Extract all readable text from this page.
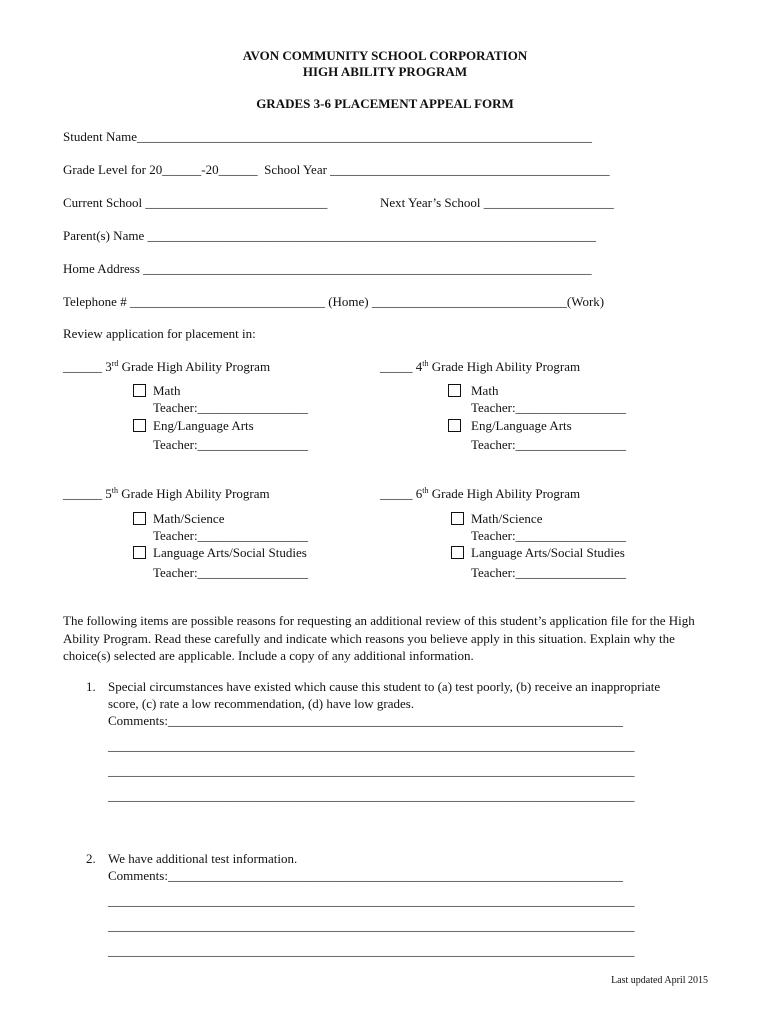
AVON COMMUNITY SCHOOL CORPORATION
HIGH ABILITY PROGRAM
GRADES 3-6 PLACEMENT APPEAL FORM
Student Name______________________________________________________________________
Grade Level for 20______-20______  School Year ___________________________________________
Current School ____________________________	Next Year’s School ____________________
Parent(s) Name _____________________________________________________________________
Home Address _____________________________________________________________________
Telephone # ______________________________ (Home) ______________________________(Work)
Review application for placement in:
______ 3rd Grade High Ability Program
Math
Teacher:_________________
Eng/Language Arts
Teacher:_________________
_____ 4th Grade High Ability Program
Math
Teacher:_________________
Eng/Language Arts
Teacher:_________________
______ 5th Grade High Ability Program
Math/Science
Teacher:_________________
Language Arts/Social Studies
Teacher:_________________
_____ 6th Grade High Ability Program
Math/Science
Teacher:_________________
Language Arts/Social Studies
Teacher:_________________
The following items are possible reasons for requesting an additional review of this student’s application file for the High Ability Program. Read these carefully and indicate which reasons you believe apply in this situation. Explain why the choice(s) selected are applicable. Include a copy of any additional information.
1. Special circumstances have existed which cause this student to (a) test poorly, (b) receive an inappropriate
score, (c) rate a low recommendation, (d) have low grades.
Comments:______________________________________________________________________
_________________________________________________________________________________
_________________________________________________________________________________
_________________________________________________________________________________
2. We have additional test information.
Comments:______________________________________________________________________
_________________________________________________________________________________
_________________________________________________________________________________
_________________________________________________________________________________
Last updated April 2015
